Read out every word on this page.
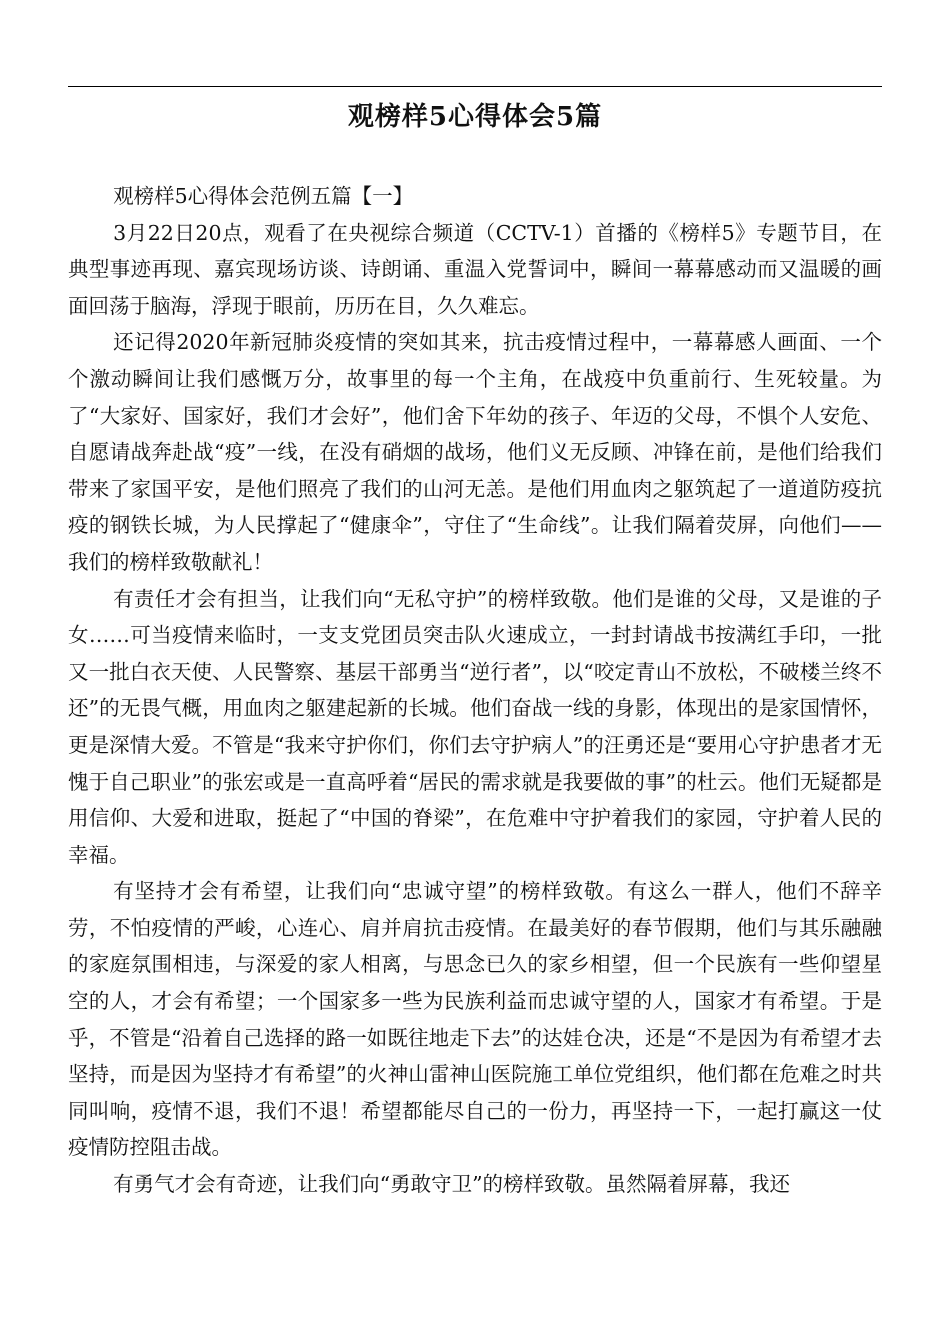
观榜样5心得体会5篇

观榜样5心得体会范例五篇【一】

3月22日20点，观看了在央视综合频道（CCTV-1）首播的《榜样5》专题节目，在典型事迹再现、嘉宾现场访谈、诗朗诵、重温入党誓词中，瞬间一幕幕感动而又温暖的画面回荡于脑海，浮现于眼前，历历在目，久久难忘。

还记得2020年新冠肺炎疫情的突如其来，抗击疫情过程中，一幕幕感人画面、一个个激动瞬间让我们感慨万分，故事里的每一个主角，在战疫中负重前行、生死较量。为了“大家好、国家好，我们才会好”，他们舍下年幼的孩子、年迈的父母，不惧个人安危、自愿请战奔赴战“疫”一线，在没有硝烟的战场，他们义无反顾、冲锋在前，是他们给我们带来了家国平安，是他们照亮了我们的山河无恙。是他们用血肉之躯筑起了一道道防疫抗疫的钢铁长城，为人民撑起了“健康伞”，守住了“生命线”。让我们隔着荧屏，向他们——我们的榜样致敬献礼！

有责任才会有担当，让我们向“无私守护”的榜样致敬。他们是谁的父母，又是谁的子女……可当疫情来临时，一支支党团员突击队火速成立，一封封请战书按满红手印，一批又一批白衣天使、人民警察、基层干部勇当“逆行者”，以“咬定青山不放松，不破楼兰终不还”的无畏气概，用血肉之躯建起新的长城。他们奋战一线的身影，体现出的是家国情怀，更是深情大爱。不管是“我来守护你们，你们去守护病人”的汪勇还是“要用心守护患者才无愧于自己职业”的张宏或是一直高呼着“居民的需求就是我要做的事”的杜云。他们无疑都是用信仰、大爱和进取，挺起了“中国的脊梁”，在危难中守护着我们的家园，守护着人民的幸福。

有坚持才会有希望，让我们向“忠诚守望”的榜样致敬。有这么一群人，他们不辞辛劳，不怕疫情的严峻，心连心、肩并肩抗击疫情。在最美好的春节假期，他们与其乐融融的家庭氛围相违，与深爱的家人相离，与思念已久的家乡相望，但一个民族有一些仰望星空的人，才会有希望；一个国家多一些为民族利益而忠诚守望的人，国家才有希望。于是乎，不管是“沿着自己选择的路一如既往地走下去”的达娃仓决，还是“不是因为有希望才去坚持，而是因为坚持才有希望”的火神山雷神山医院施工单位党组织，他们都在危难之时共同叫响，疫情不退，我们不退！希望都能尽自己的一份力，再坚持一下，一起打赢这一仗疫情防控阻击战。

有勇气才会有奇迹，让我们向“勇敢守卫”的榜样致敬。虽然隔着屏幕，我还
